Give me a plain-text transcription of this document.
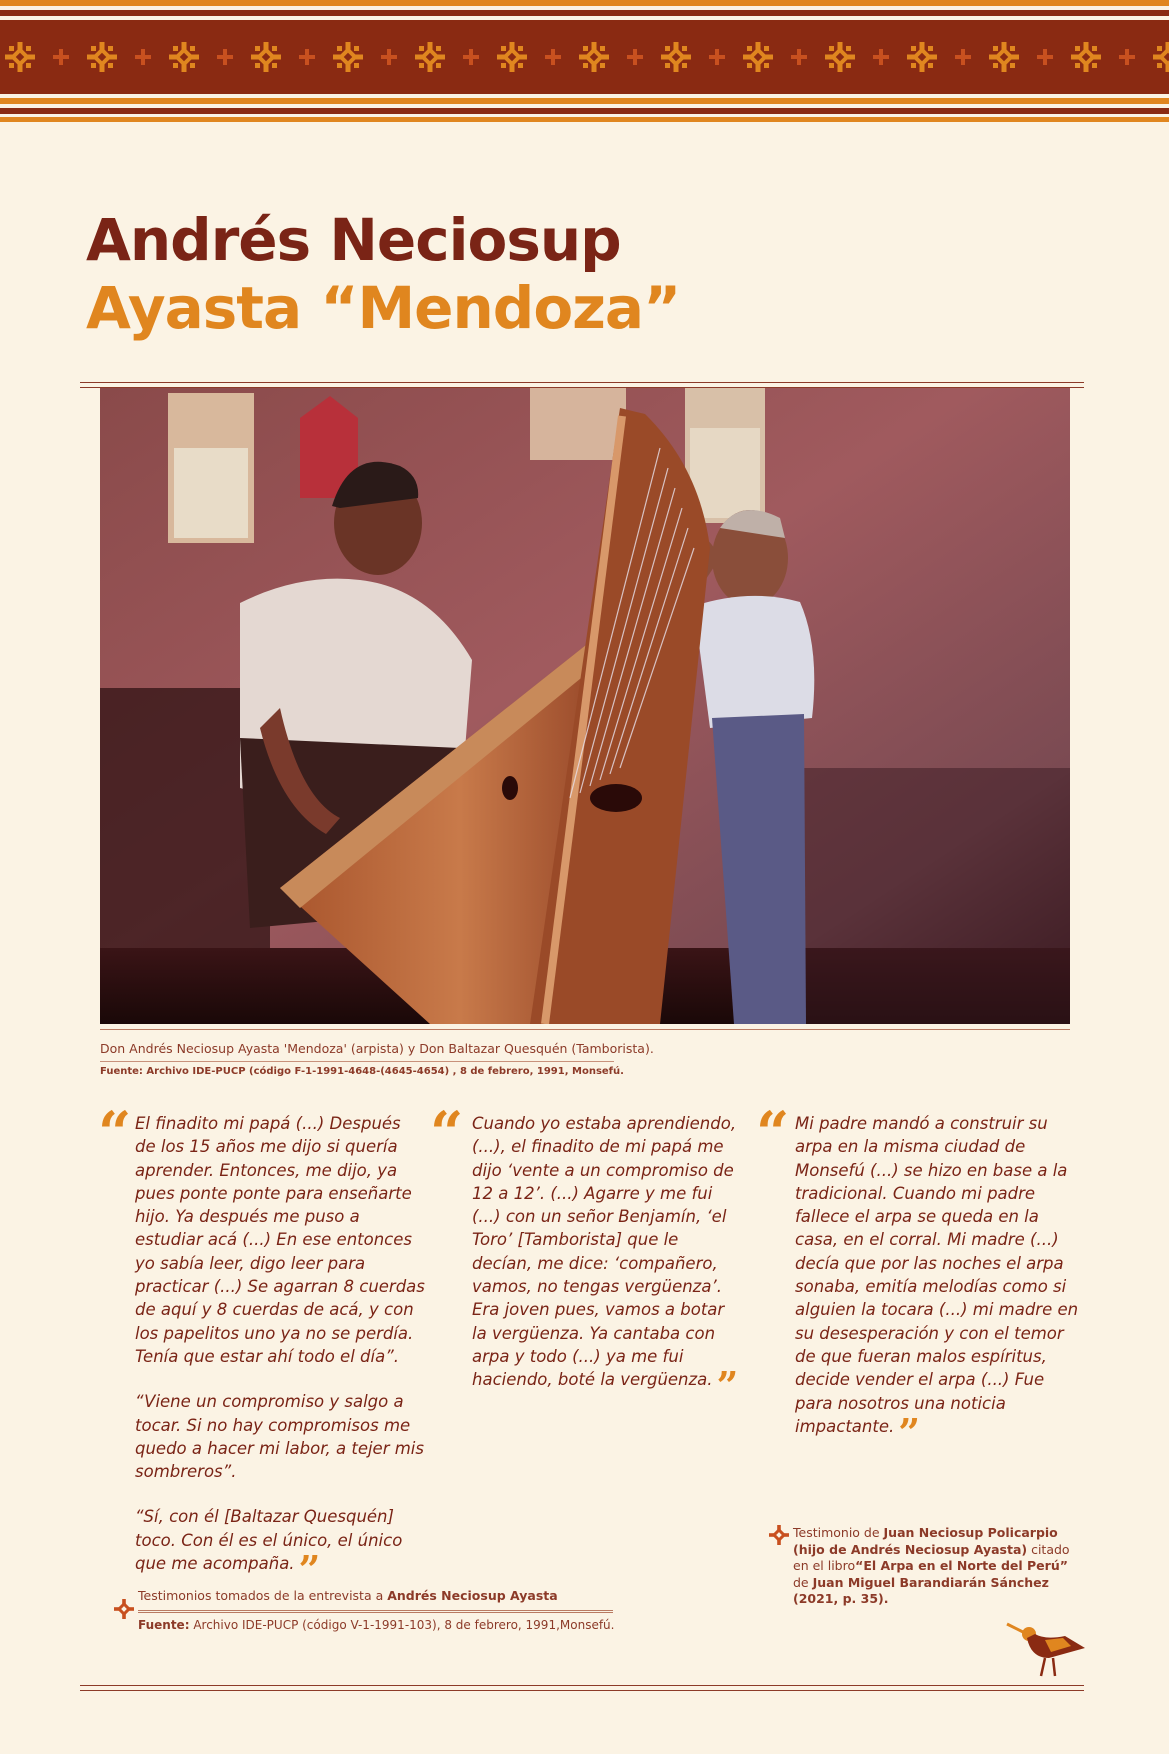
Andrés Neciosup
Ayasta “Mendoza”
Don Andrés Neciosup Ayasta 'Mendoza' (arpista) y Don Baltazar Quesquén (Tamborista).
Fuente: Archivo IDE-PUCP (código F-1-1991-4648-(4645-4654) , 8 de febrero, 1991, Monsefú.
“ El finadito mi papá (...) Después de los 15 años me dijo si quería aprender. Entonces, me dijo, ya pues ponte ponte para enseñarte hijo. Ya después me puso a estudiar acá (...) En ese entonces yo sabía leer, digo leer para practicar (...) Se agarran 8 cuerdas de aquí y 8 cuerdas de acá, y con los papelitos uno ya no se perdía. Tenía que estar ahí todo el día”.

“Viene un compromiso y salgo a tocar. Si no hay compromisos me quedo a hacer mi labor, a tejer mis sombreros”.

“Sí, con él [Baltazar Quesquén] toco. Con él es el único, el único que me acompaña. ”

“ Cuando yo estaba aprendiendo, (...), el finadito de mi papá me dijo ‘vente a un compromiso de 12 a 12’. (...) Agarre y me fui (...) con un señor Benjamín, ‘el Toro’ [Tamborista] que le decían, me dice: ‘compañero, vamos, no tengas vergüenza’. Era joven pues, vamos a botar la vergüenza. Ya cantaba con arpa y todo (...) ya me fui haciendo, boté la vergüenza. ”

“ Mi padre mandó a construir su arpa en la misma ciudad de Monsefú (...) se hizo en base a la tradicional. Cuando mi padre fallece el arpa se queda en la casa, en el corral. Mi madre (...) decía que por las noches el arpa sonaba, emitía melodías como si alguien la tocara (...) mi madre en su desesperación y con el temor de que fueran malos espíritus, decide vender el arpa (...) Fue para nosotros una noticia impactante. ”

Testimonios tomados de la entrevista a Andrés Neciosup Ayasta
Fuente: Archivo IDE-PUCP (código V-1-1991-103), 8 de febrero, 1991,Monsefú.
Testimonio de Juan Neciosup Policarpio (hijo de Andrés Neciosup Ayasta) citado en el libro“El Arpa en el Norte del Perú” de Juan Miguel Barandiarán Sánchez (2021, p. 35).
